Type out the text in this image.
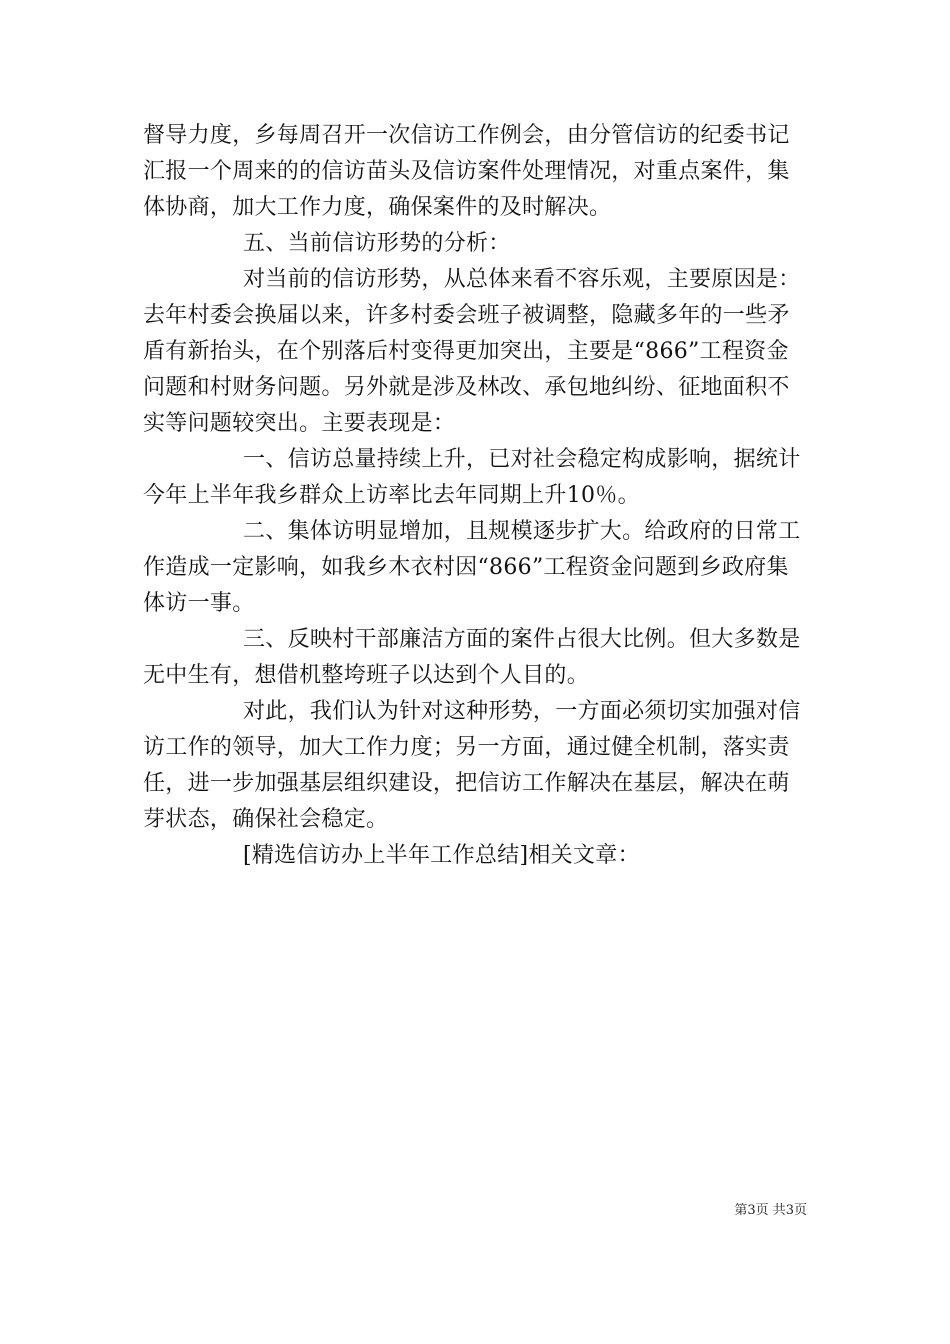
督导力度，乡每周召开一次信访工作例会，由分管信访的纪委书记
汇报一个周来的的信访苗头及信访案件处理情况，对重点案件，集
体协商，加大工作力度，确保案件的及时解决。
五、当前信访形势的分析：
对当前的信访形势，从总体来看不容乐观，主要原因是：
去年村委会换届以来，许多村委会班子被调整，隐藏多年的一些矛
盾有新抬头，在个别落后村变得更加突出，主要是“866”工程资金
问题和村财务问题。另外就是涉及林改、承包地纠纷、征地面积不
实等问题较突出。主要表现是：
一、信访总量持续上升，已对社会稳定构成影响，据统计
今年上半年我乡群众上访率比去年同期上升10％。
二、集体访明显增加，且规模逐步扩大。给政府的日常工
作造成一定影响，如我乡木衣村因“866”工程资金问题到乡政府集
体访一事。
三、反映村干部廉洁方面的案件占很大比例。但大多数是
无中生有，想借机整垮班子以达到个人目的。
对此，我们认为针对这种形势，一方面必须切实加强对信
访工作的领导，加大工作力度；另一方面，通过健全机制，落实责
任，进一步加强基层组织建设，把信访工作解决在基层，解决在萌
芽状态，确保社会稳定。
[精选信访办上半年工作总结]相关文章：
第3页 共3页
